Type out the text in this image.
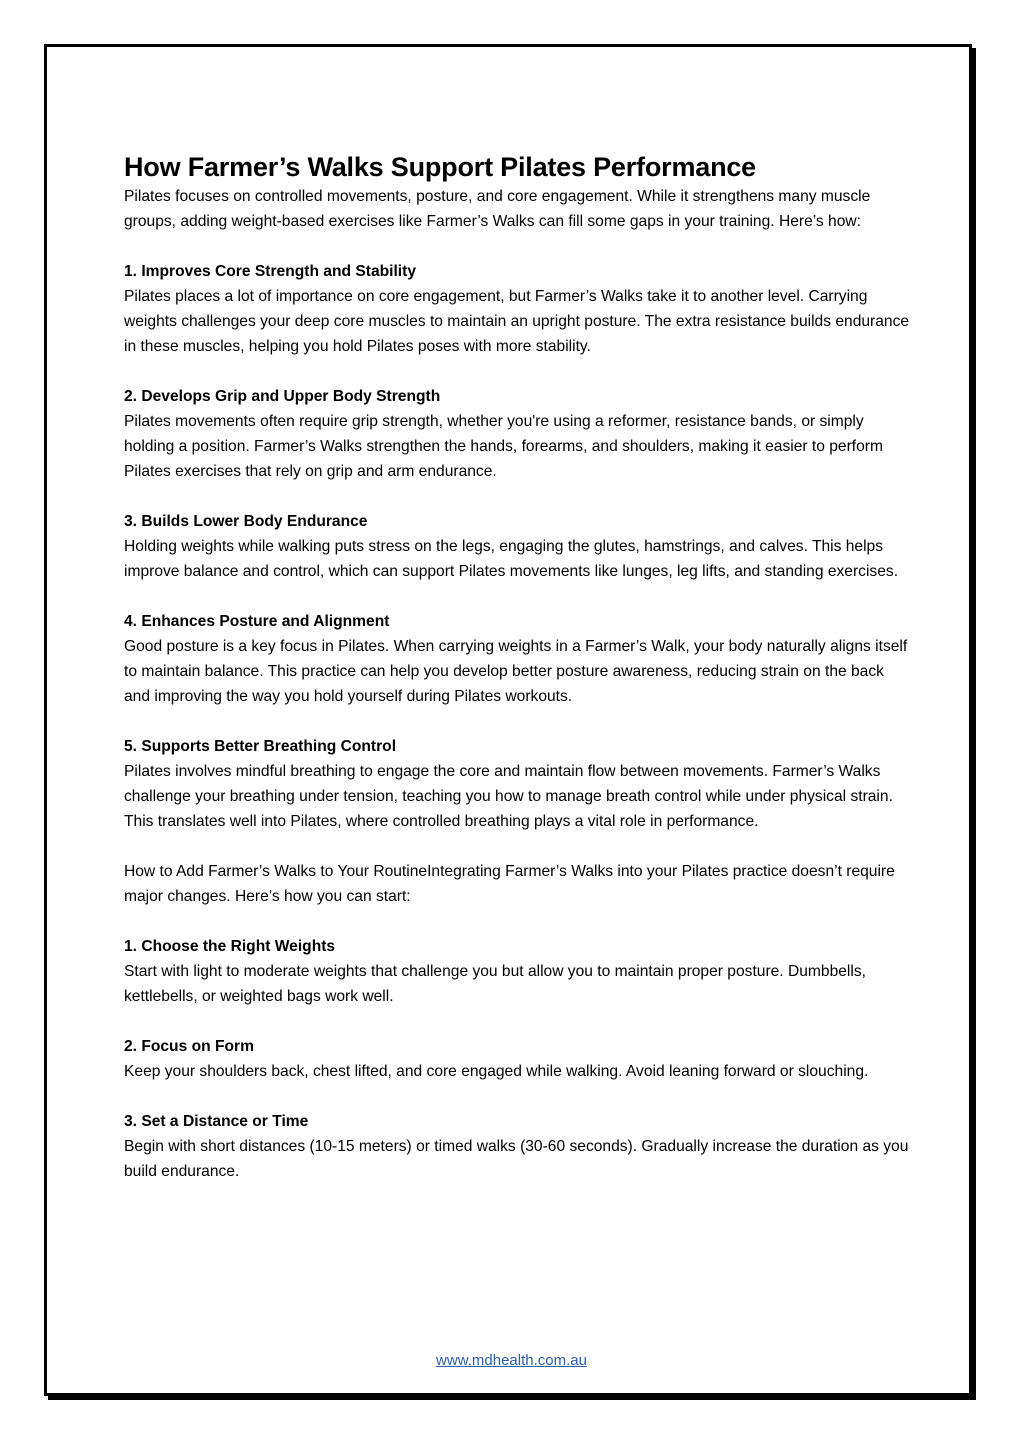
How Farmer’s Walks Support Pilates Performance

Pilates focuses on controlled movements, posture, and core engagement. While it strengthens many muscle groups, adding weight-based exercises like Farmer’s Walks can fill some gaps in your training. Here’s how:

1. Improves Core Strength and Stability

Pilates places a lot of importance on core engagement, but Farmer’s Walks take it to another level. Carrying weights challenges your deep core muscles to maintain an upright posture. The extra resistance builds endurance in these muscles, helping you hold Pilates poses with more stability.

2. Develops Grip and Upper Body Strength

Pilates movements often require grip strength, whether you're using a reformer, resistance bands, or simply holding a position. Farmer’s Walks strengthen the hands, forearms, and shoulders, making it easier to perform Pilates exercises that rely on grip and arm endurance.

3. Builds Lower Body Endurance

Holding weights while walking puts stress on the legs, engaging the glutes, hamstrings, and calves. This helps improve balance and control, which can support Pilates movements like lunges, leg lifts, and standing exercises.

4. Enhances Posture and Alignment

Good posture is a key focus in Pilates. When carrying weights in a Farmer’s Walk, your body naturally aligns itself to maintain balance. This practice can help you develop better posture awareness, reducing strain on the back and improving the way you hold yourself during Pilates workouts.

5. Supports Better Breathing Control

Pilates involves mindful breathing to engage the core and maintain flow between movements. Farmer’s Walks challenge your breathing under tension, teaching you how to manage breath control while under physical strain. This translates well into Pilates, where controlled breathing plays a vital role in performance.

How to Add Farmer’s Walks to Your RoutineIntegrating Farmer’s Walks into your Pilates practice doesn’t require major changes. Here’s how you can start:

1. Choose the Right Weights

Start with light to moderate weights that challenge you but allow you to maintain proper posture. Dumbbells, kettlebells, or weighted bags work well.

2. Focus on Form

Keep your shoulders back, chest lifted, and core engaged while walking. Avoid leaning forward or slouching.

3. Set a Distance or Time

Begin with short distances (10-15 meters) or timed walks (30-60 seconds). Gradually increase the duration as you build endurance.

www.mdhealth.com.au
